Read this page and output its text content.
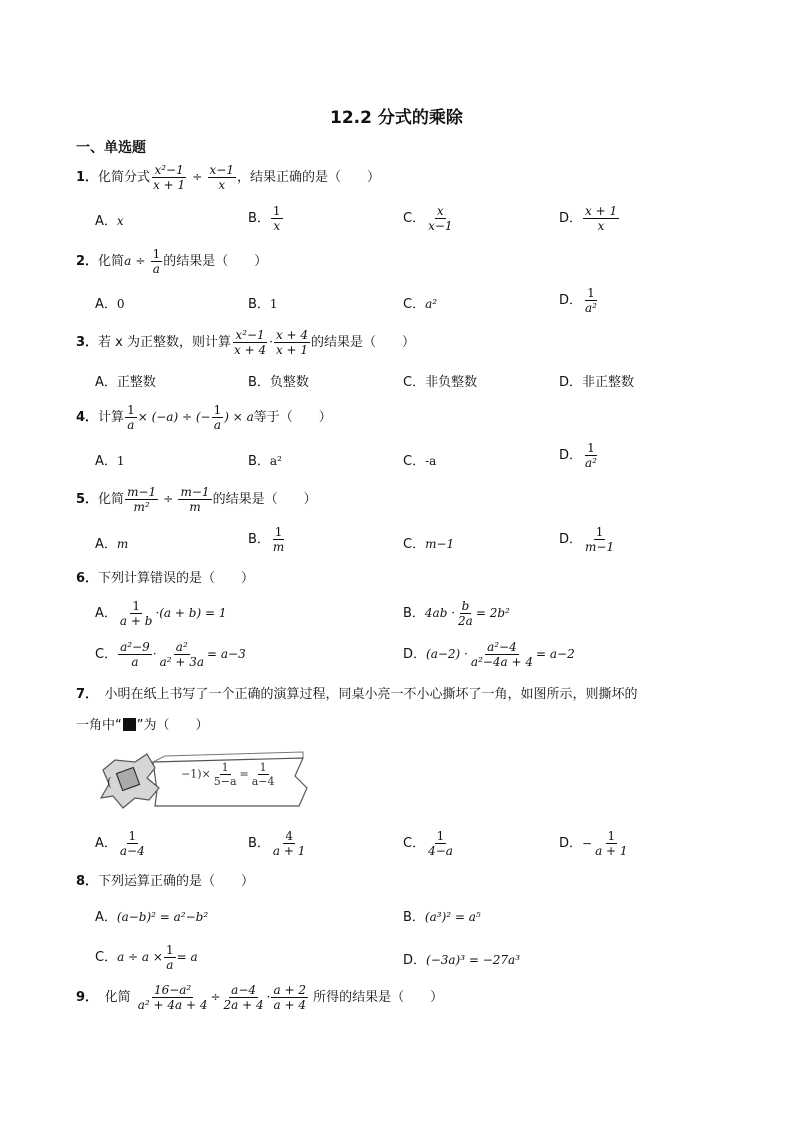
12.2 分式的乘除
一、单选题
1．化简分式 $\frac{\text{x²−1}}{x + 1} \div \frac{x-1}{x}$ ，结果正确的是（　　）
A．x	B． $\frac{1}{x}$	C． $\frac{x}{x-1}$	D． $\frac{x + 1}{x}$
2．化简$a \div \frac{1}{a}$ 的结果是（　　）
A．0	B．1	C．a²	D． $\frac{1}{\text{a²}}$
3．若 x 为正整数，则计算 $\frac{\text{x²−1}}{x + 4} \cdot \frac{x + 4}{x + 1}$ 的结果是（　　）
A．正整数	B．负整数	C．非负整数	D．非正整数
4．计算 $\frac{1}{a} \times (-a)$ ÷ (− $\frac{1}{a}$ ) × a等于（　　）
A．1	B．a²	C．-a	D． $\frac{1}{\text{a²}}$
5．化简 $\frac{m-1}{\text{m²}} \div \frac{m-1}{m}$ 的结果是（　　）
A．m	B． $\frac{1}{m}$	C．m−1	D． $\frac{1}{m-1}$
6．下列计算错误的是（　　）
A． $\frac{1}{a + b} \cdot(a + b) = 1$	B．$4ab \cdot \frac{b}{2a} = 2b^2$
C． $\frac{\text{a²−9}}{a} \cdot \frac{\text{a²}}{\text{a² + 3a}} = a-3$	D．$(a-2) \cdot \frac{\text{a²−4}}{\text{a²−4a + 4}} = a-2$
7．　小明在纸上书写了一个正确的演算过程，同桌小亮一不小心撕坏了一角，如图所示，则撕坏的
一角中“ ”为（　　）
(
$-1)\times \frac{1}{5-a} = \frac{1}{a-4}$
A． $\frac{1}{a-4}$	B． $\frac{4}{a + 1}$	C． $\frac{1}{4-a}$	D．− $\frac{1}{a + 1}$
8．下列运算正确的是（　　）
A．(a−b)² = a²−b²	B．(a³)² = a⁵
C．$a \div a \times \frac{1}{a} = a$	D．(−3a)³ = −27a³
9．　 化简 $\frac{\text{16−a²}}{\text{a² + 4a + 4}} \div \frac{a-4}{2a + 4} \cdot \frac{a + 2}{a + 4}$ 所得的结果是（　　）
